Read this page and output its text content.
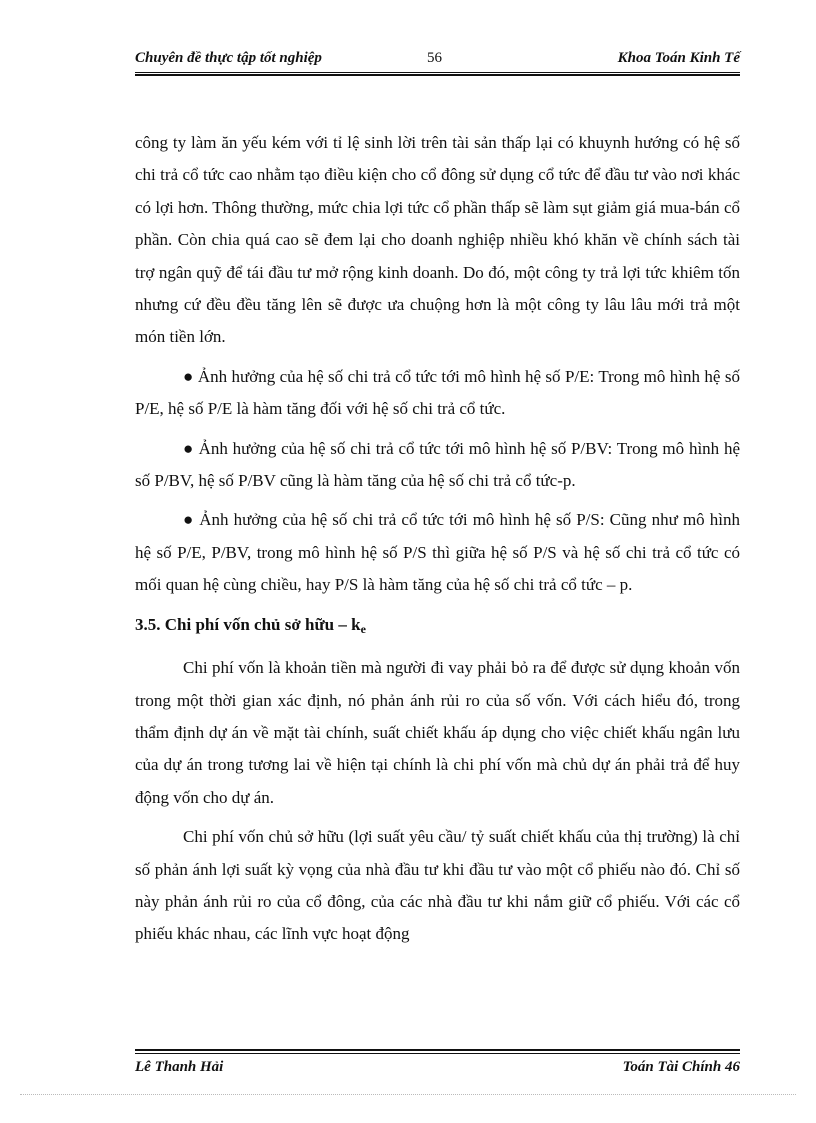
Chuyên đề thực tập tốt nghiệp	56	Khoa Toán Kinh Tế

công ty làm ăn yếu kém với tỉ lệ sinh lời trên tài sản thấp lại có khuynh hướng có hệ số chi trả cổ tức cao nhằm tạo điều kiện cho cổ đông sử dụng cổ tức để đầu tư vào nơi khác có lợi hơn. Thông thường, mức chia lợi tức cổ phần thấp sẽ làm sụt giảm giá mua-bán cổ phần. Còn chia quá cao sẽ đem lại cho doanh nghiệp nhiều khó khăn về chính sách tài trợ ngân quỹ để tái đầu tư mở rộng kinh doanh. Do đó, một công ty trả lợi tức khiêm tốn nhưng cứ đều đều tăng lên sẽ được ưa chuộng hơn là một công ty lâu lâu mới trả một món tiền lớn.

● Ảnh hưởng của hệ số chi trả cổ tức tới mô hình hệ số P/E: Trong mô hình hệ số P/E, hệ số P/E là hàm tăng đối với hệ số chi trả cổ tức.

● Ảnh hưởng của hệ số chi trả cổ tức tới mô hình hệ số P/BV: Trong mô hình hệ số P/BV, hệ số P/BV cũng là hàm tăng của hệ số chi trả cổ tức-p.

● Ảnh hưởng của hệ số chi trả cổ tức tới mô hình hệ số P/S: Cũng như mô hình hệ số P/E, P/BV, trong mô hình hệ số P/S thì giữa hệ số P/S và hệ số chi trả cổ tức có mối quan hệ cùng chiều, hay P/S là hàm tăng của hệ số chi trả cổ tức – p.

3.5. Chi phí vốn chủ sở hữu – $k_e$

Chi phí vốn là khoản tiền mà người đi vay phải bỏ ra để được sử dụng khoản vốn trong một thời gian xác định, nó phản ánh rủi ro của số vốn. Với cách hiểu đó, trong thẩm định dự án về mặt tài chính, suất chiết khấu áp dụng cho việc chiết khấu ngân lưu của dự án trong tương lai về hiện tại chính là chi phí vốn mà chủ dự án phải trả để huy động vốn cho dự án.

Chi phí vốn chủ sở hữu (lợi suất yêu cầu/ tỷ suất chiết khấu của thị trường) là chỉ số phản ánh lợi suất kỳ vọng của nhà đầu tư khi đầu tư vào một cổ phiếu nào đó. Chỉ số này phản ánh rủi ro của cổ đông, của các nhà đầu tư khi nắm giữ cổ phiếu. Với các cổ phiếu khác nhau, các lĩnh vực hoạt động

Lê Thanh Hải	Toán Tài Chính 46
